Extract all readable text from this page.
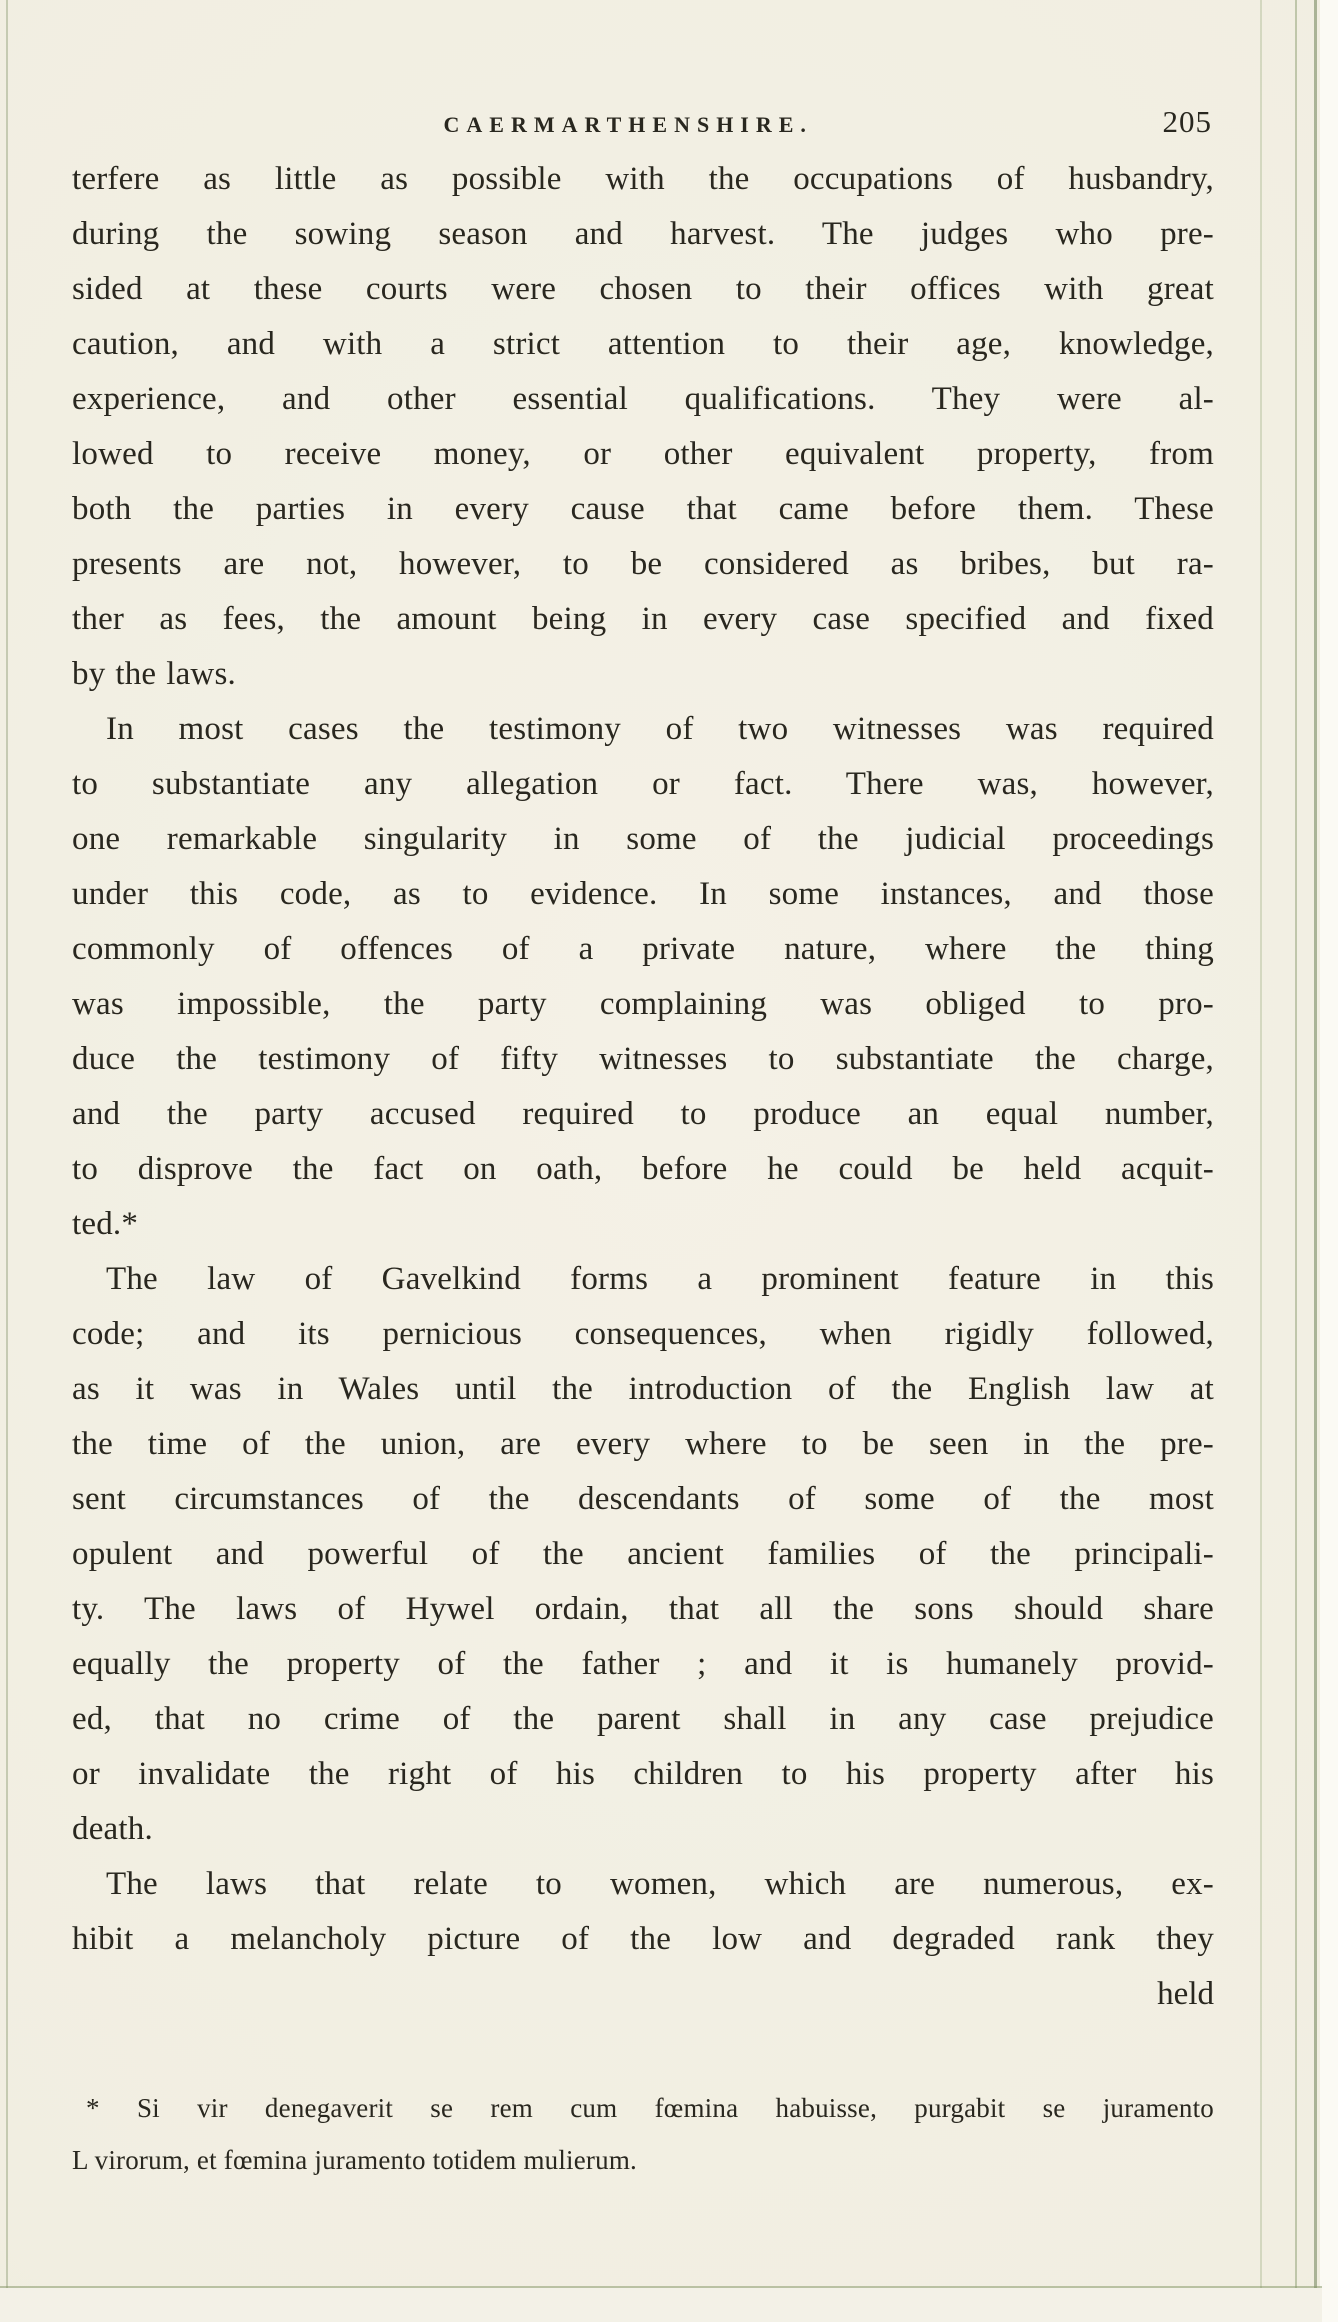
CAERMARTHENSHIRE.	205
terfere as little as possible with the occupations of husbandry,
during the sowing season and harvest. The judges who pre-
sided at these courts were chosen to their offices with great
caution, and with a strict attention to their age, knowledge,
experience, and other essential qualifications. They were al-
lowed to receive money, or other equivalent property, from
both the parties in every cause that came before them. These
presents are not, however, to be considered as bribes, but ra-
ther as fees, the amount being in every case specified and fixed
by the laws.
In most cases the testimony of two witnesses was required
to substantiate any allegation or fact. There was, however,
one remarkable singularity in some of the judicial proceedings
under this code, as to evidence. In some instances, and those
commonly of offences of a private nature, where the thing
was impossible, the party complaining was obliged to pro-
duce the testimony of fifty witnesses to substantiate the charge,
and the party accused required to produce an equal number,
to disprove the fact on oath, before he could be held acquit-
ted.*
The law of Gavelkind forms a prominent feature in this
code; and its pernicious consequences, when rigidly followed,
as it was in Wales until the introduction of the English law at
the time of the union, are every where to be seen in the pre-
sent circumstances of the descendants of some of the most
opulent and powerful of the ancient families of the principali-
ty. The laws of Hywel ordain, that all the sons should share
equally the property of the father ; and it is humanely provid-
ed, that no crime of the parent shall in any case prejudice
or invalidate the right of his children to his property after his
death.
The laws that relate to women, which are numerous, ex-
hibit a melancholy picture of the low and degraded rank they
held
* Si vir denegaverit se rem cum fœmina habuisse, purgabit se juramento
L virorum, et fœmina juramento totidem mulierum.
